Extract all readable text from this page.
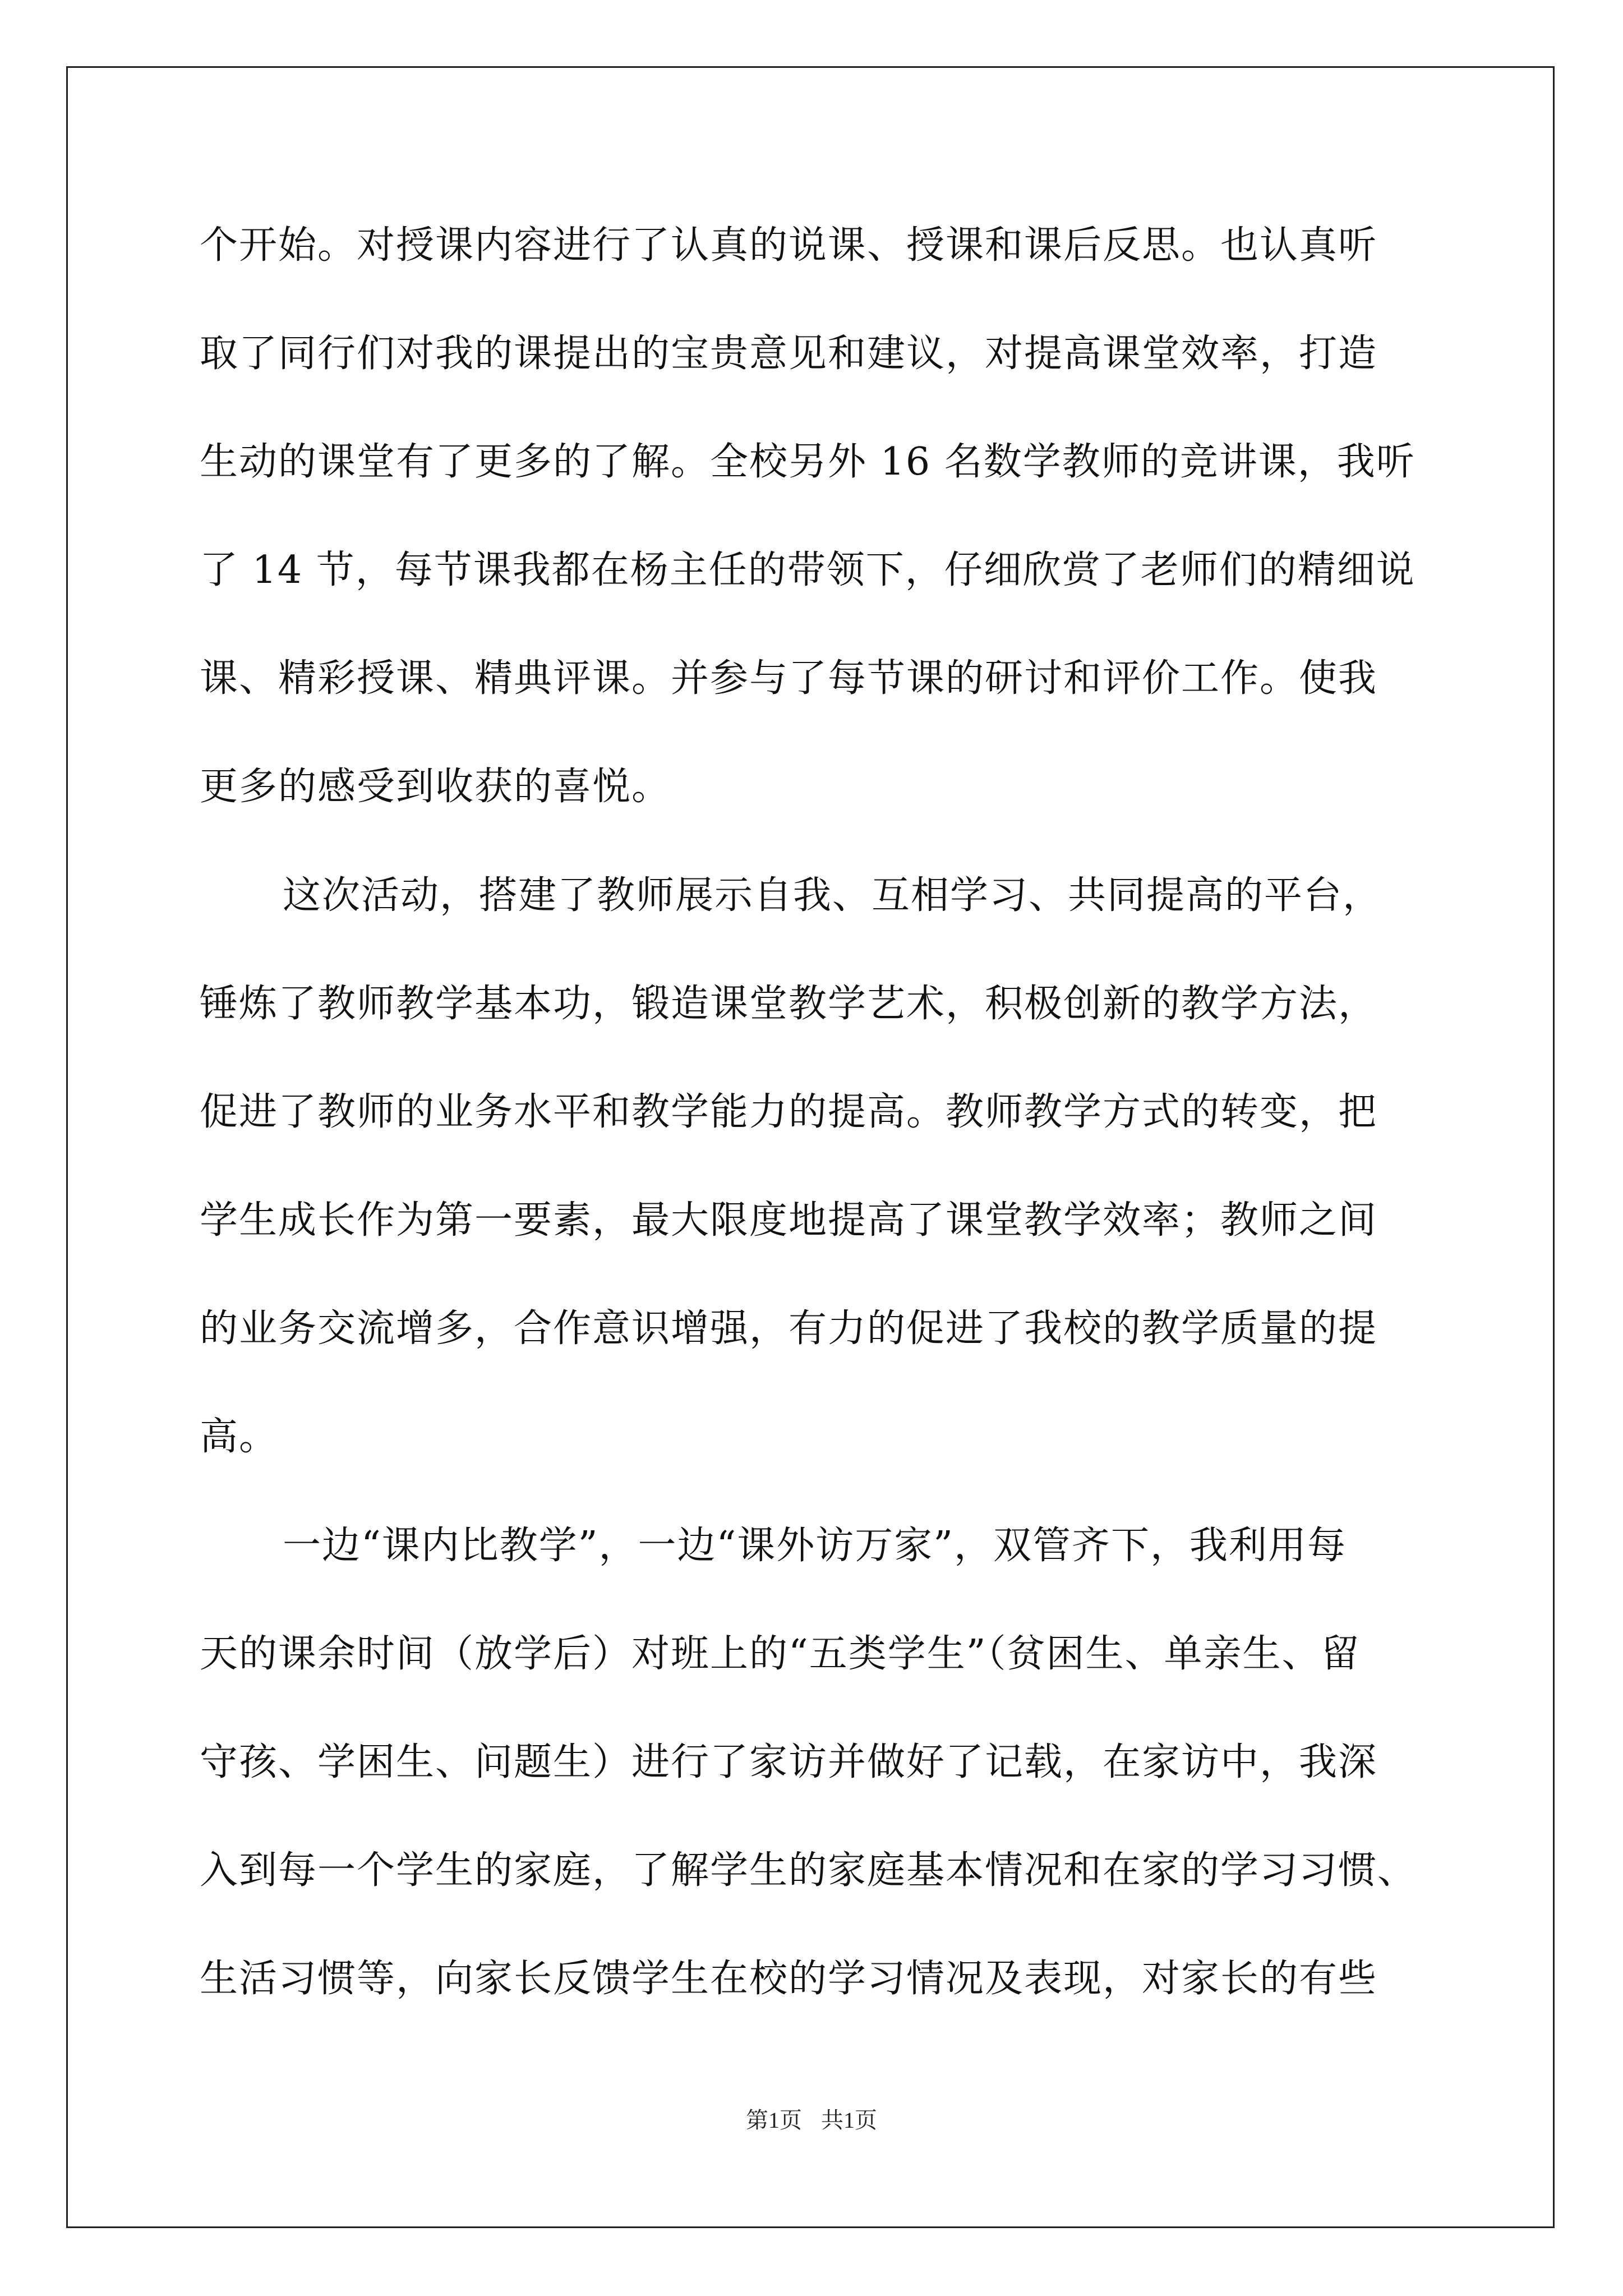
个开始。对授课内容进行了认真的说课、授课和课后反思。也认真听
取了同行们对我的课提出的宝贵意见和建议，对提高课堂效率，打造
生动的课堂有了更多的了解。全校另外 16 名数学教师的竞讲课，我听
了 14 节，每节课我都在杨主任的带领下，仔细欣赏了老师们的精细说
课、精彩授课、精典评课。并参与了每节课的研讨和评价工作。使我
更多的感受到收获的喜悦。
这次活动，搭建了教师展示自我、互相学习、共同提高的平台，
锤炼了教师教学基本功，锻造课堂教学艺术，积极创新的教学方法，
促进了教师的业务水平和教学能力的提高。教师教学方式的转变，把
学生成长作为第一要素，最大限度地提高了课堂教学效率；教师之间
的业务交流增多，合作意识增强，有力的促进了我校的教学质量的提
高。
一边“课内比教学”，一边“课外访万家”，双管齐下，我利用每
天的课余时间（放学后）对班上的“五类学生”（贫困生、单亲生、留
守孩、学困生、问题生）进行了家访并做好了记载，在家访中，我深
入到每一个学生的家庭，了解学生的家庭基本情况和在家的学习习惯、
生活习惯等，向家长反馈学生在校的学习情况及表现，对家长的有些
第1页 共1页
